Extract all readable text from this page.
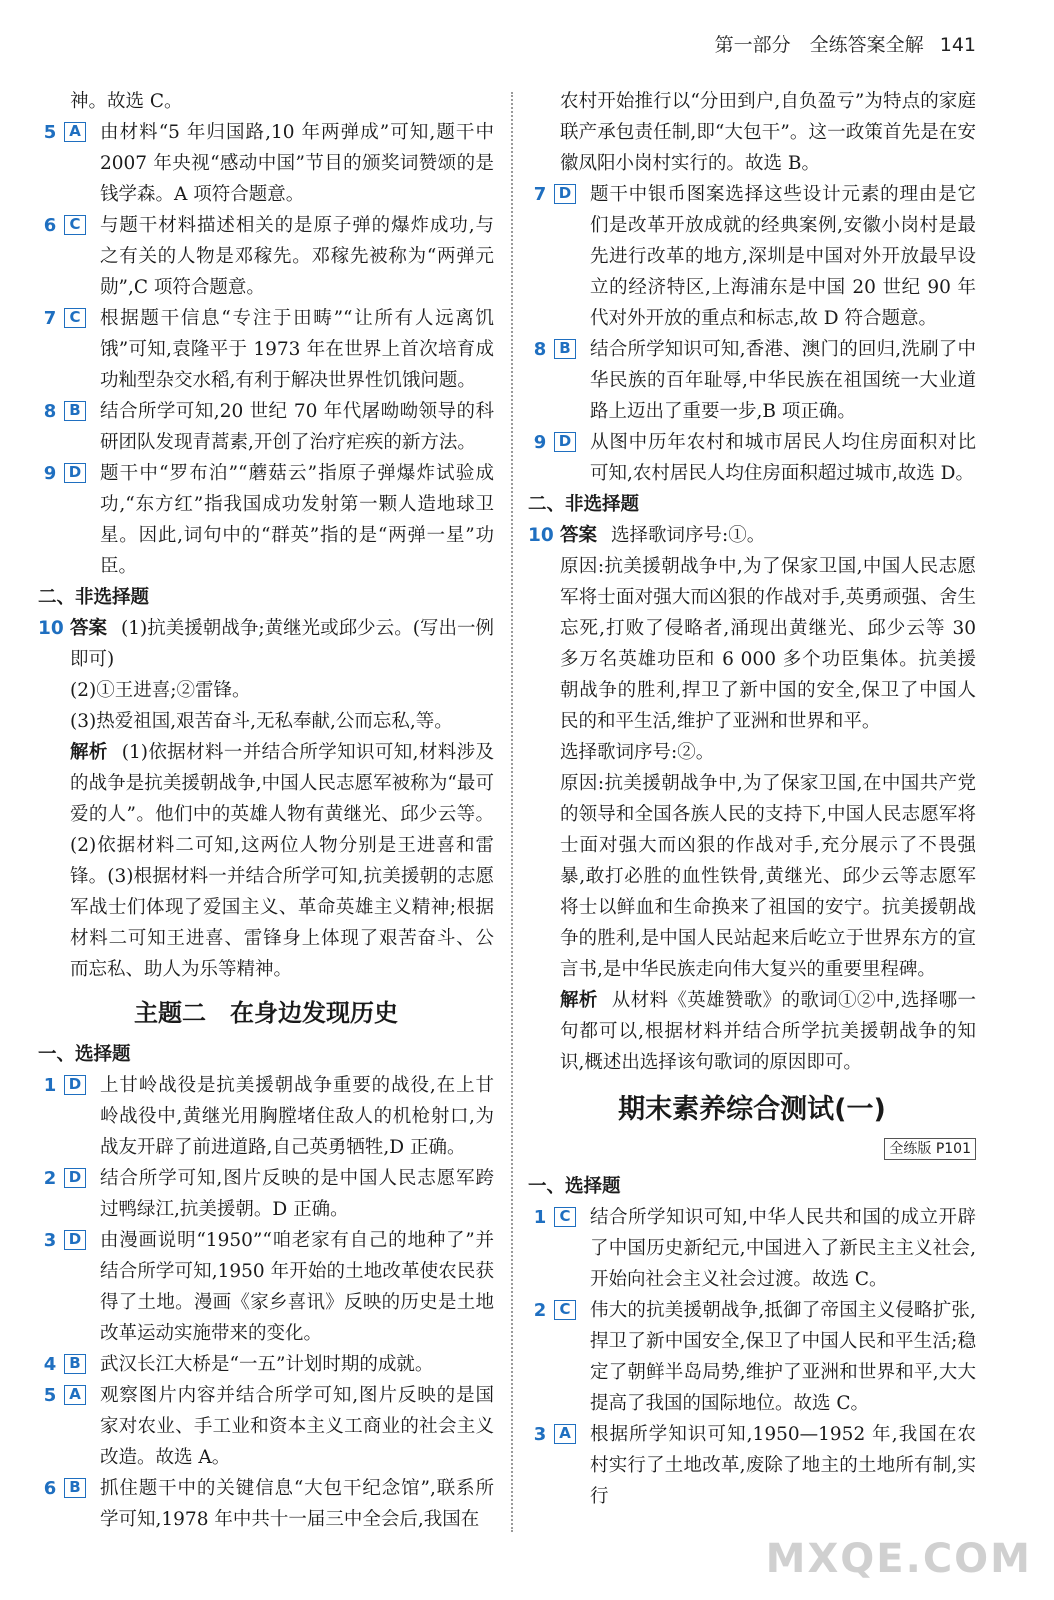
第一部分　全练答案全解 141

神。故选 C。

5 A 由材料“5 年归国路,10 年两弹成”可知,题干中 2007 年央视“感动中国”节目的颁奖词赞颂的是钱学森。A 项符合题意。
6 C 与题干材料描述相关的是原子弹的爆炸成功,与之有关的人物是邓稼先。邓稼先被称为“两弹元勋”,C 项符合题意。
7 C 根据题干信息“专注于田畴”“让所有人远离饥饿”可知,袁隆平于 1973 年在世界上首次培育成功籼型杂交水稻,有利于解决世界性饥饿问题。
8 B 结合所学可知,20 世纪 70 年代屠呦呦领导的科研团队发现青蒿素,开创了治疗疟疾的新方法。
9 D 题干中“罗布泊”“蘑菇云”指原子弹爆炸试验成功,“东方红”指我国成功发射第一颗人造地球卫星。因此,词句中的“群英”指的是“两弹一星”功臣。

二、非选择题

10 答案 (1)抗美援朝战争;黄继光或邱少云。(写出一例即可)

(2)①王进喜;②雷锋。

(3)热爱祖国,艰苦奋斗,无私奉献,公而忘私,等。

解析 (1)依据材料一并结合所学知识可知,材料涉及的战争是抗美援朝战争,中国人民志愿军被称为“最可爱的人”。他们中的英雄人物有黄继光、邱少云等。(2)依据材料二可知,这两位人物分别是王进喜和雷锋。(3)根据材料一并结合所学可知,抗美援朝的志愿军战士们体现了爱国主义、革命英雄主义精神;根据材料二可知王进喜、雷锋身上体现了艰苦奋斗、公而忘私、助人为乐等精神。

主题二　在身边发现历史

一、选择题

1 D 上甘岭战役是抗美援朝战争重要的战役,在上甘岭战役中,黄继光用胸膛堵住敌人的机枪射口,为战友开辟了前进道路,自己英勇牺牲,D 正确。
2 D 结合所学可知,图片反映的是中国人民志愿军跨过鸭绿江,抗美援朝。D 正确。
3 D 由漫画说明“1950”“咱老家有自己的地种了”并结合所学可知,1950 年开始的土地改革使农民获得了土地。漫画《家乡喜讯》反映的历史是土地改革运动实施带来的变化。
4 B 武汉长江大桥是“一五”计划时期的成就。
5 A 观察图片内容并结合所学可知,图片反映的是国家对农业、手工业和资本主义工商业的社会主义改造。故选 A。
6 B 抓住题干中的关键信息“大包干纪念馆”,联系所学可知,1978 年中共十一届三中全会后,我国在

农村开始推行以“分田到户,自负盈亏”为特点的家庭联产承包责任制,即“大包干”。这一政策首先是在安徽凤阳小岗村实行的。故选 B。

7 D 题干中银币图案选择这些设计元素的理由是它们是改革开放成就的经典案例,安徽小岗村是最先进行改革的地方,深圳是中国对外开放最早设立的经济特区,上海浦东是中国 20 世纪 90 年代对外开放的重点和标志,故 D 符合题意。
8 B 结合所学知识可知,香港、澳门的回归,洗刷了中华民族的百年耻辱,中华民族在祖国统一大业道路上迈出了重要一步,B 项正确。
9 D 从图中历年农村和城市居民人均住房面积对比可知,农村居民人均住房面积超过城市,故选 D。

二、非选择题

10 答案 选择歌词序号:①。

原因:抗美援朝战争中,为了保家卫国,中国人民志愿军将士面对强大而凶狠的作战对手,英勇顽强、舍生忘死,打败了侵略者,涌现出黄继光、邱少云等 30 多万名英雄功臣和 6 000 多个功臣集体。抗美援朝战争的胜利,捍卫了新中国的安全,保卫了中国人民的和平生活,维护了亚洲和世界和平。

选择歌词序号:②。

原因:抗美援朝战争中,为了保家卫国,在中国共产党的领导和全国各族人民的支持下,中国人民志愿军将士面对强大而凶狠的作战对手,充分展示了不畏强暴,敢打必胜的血性铁骨,黄继光、邱少云等志愿军将士以鲜血和生命换来了祖国的安宁。抗美援朝战争的胜利,是中国人民站起来后屹立于世界东方的宣言书,是中华民族走向伟大复兴的重要里程碑。

解析 从材料《英雄赞歌》的歌词①②中,选择哪一句都可以,根据材料并结合所学抗美援朝战争的知识,概述出选择该句歌词的原因即可。

期末素养综合测试(一)

全练版 P101

一、选择题

1 C 结合所学知识可知,中华人民共和国的成立开辟了中国历史新纪元,中国进入了新民主主义社会,开始向社会主义社会过渡。故选 C。
2 C 伟大的抗美援朝战争,抵御了帝国主义侵略扩张,捍卫了新中国安全,保卫了中国人民和平生活;稳定了朝鲜半岛局势,维护了亚洲和世界和平,大大提高了我国的国际地位。故选 C。
3 A 根据所学知识可知,1950—1952 年,我国在农村实行了土地改革,废除了地主的土地所有制,实行
MXQE.COM
